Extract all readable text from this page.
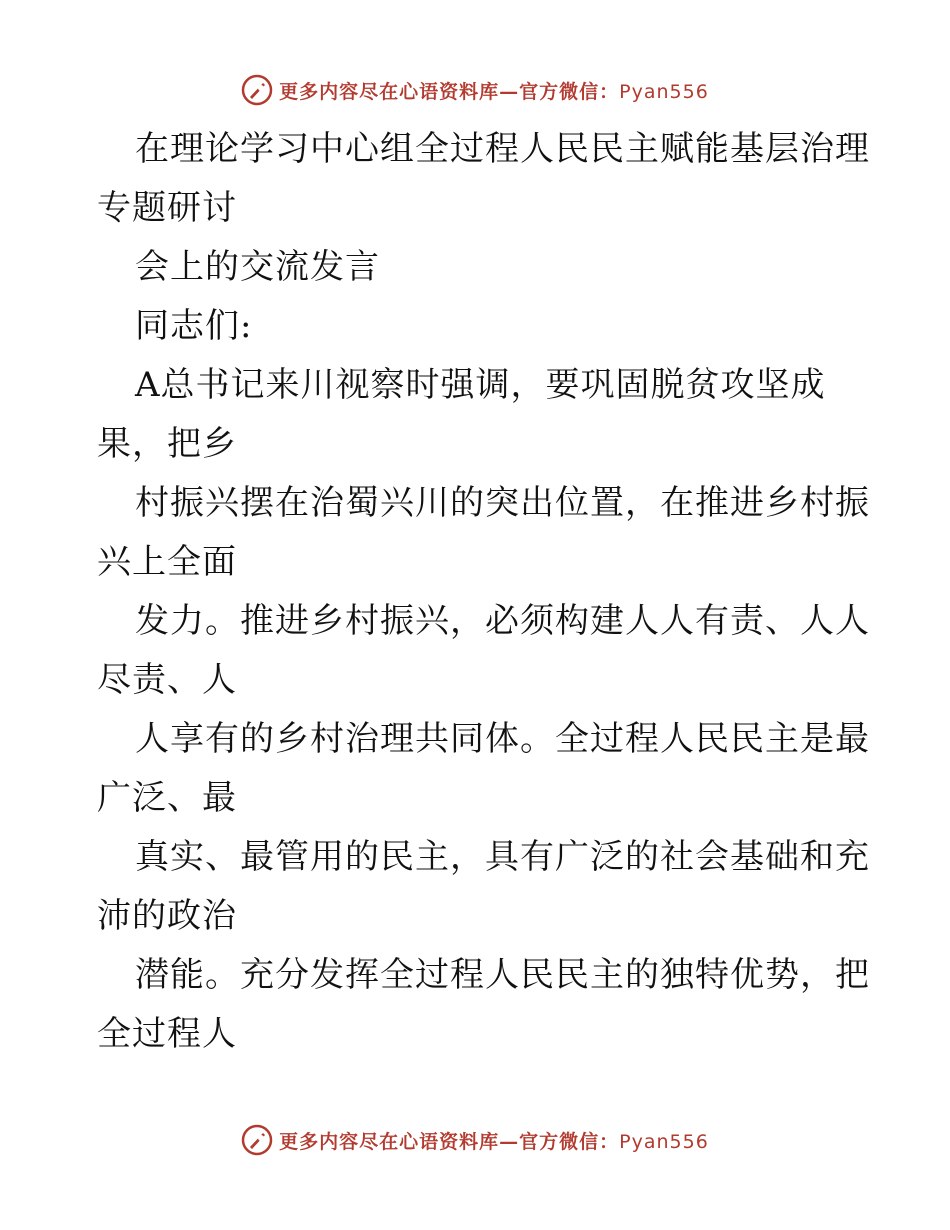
更多内容尽在心语资料库—官方微信：Pyan556
在理论学习中心组全过程人民民主赋能基层治理
专题研讨
会上的交流发言
同志们:
A总书记来川视察时强调，要巩固脱贫攻坚成
果，把乡
村振兴摆在治蜀兴川的突出位置，在推进乡村振
兴上全面
发力。推进乡村振兴，必须构建人人有责、人人
尽责、人
人享有的乡村治理共同体。全过程人民民主是最
广泛、最
真实、最管用的民主，具有广泛的社会基础和充
沛的政治
潜能。充分发挥全过程人民民主的独特优势，把
全过程人
更多内容尽在心语资料库—官方微信：Pyan556
